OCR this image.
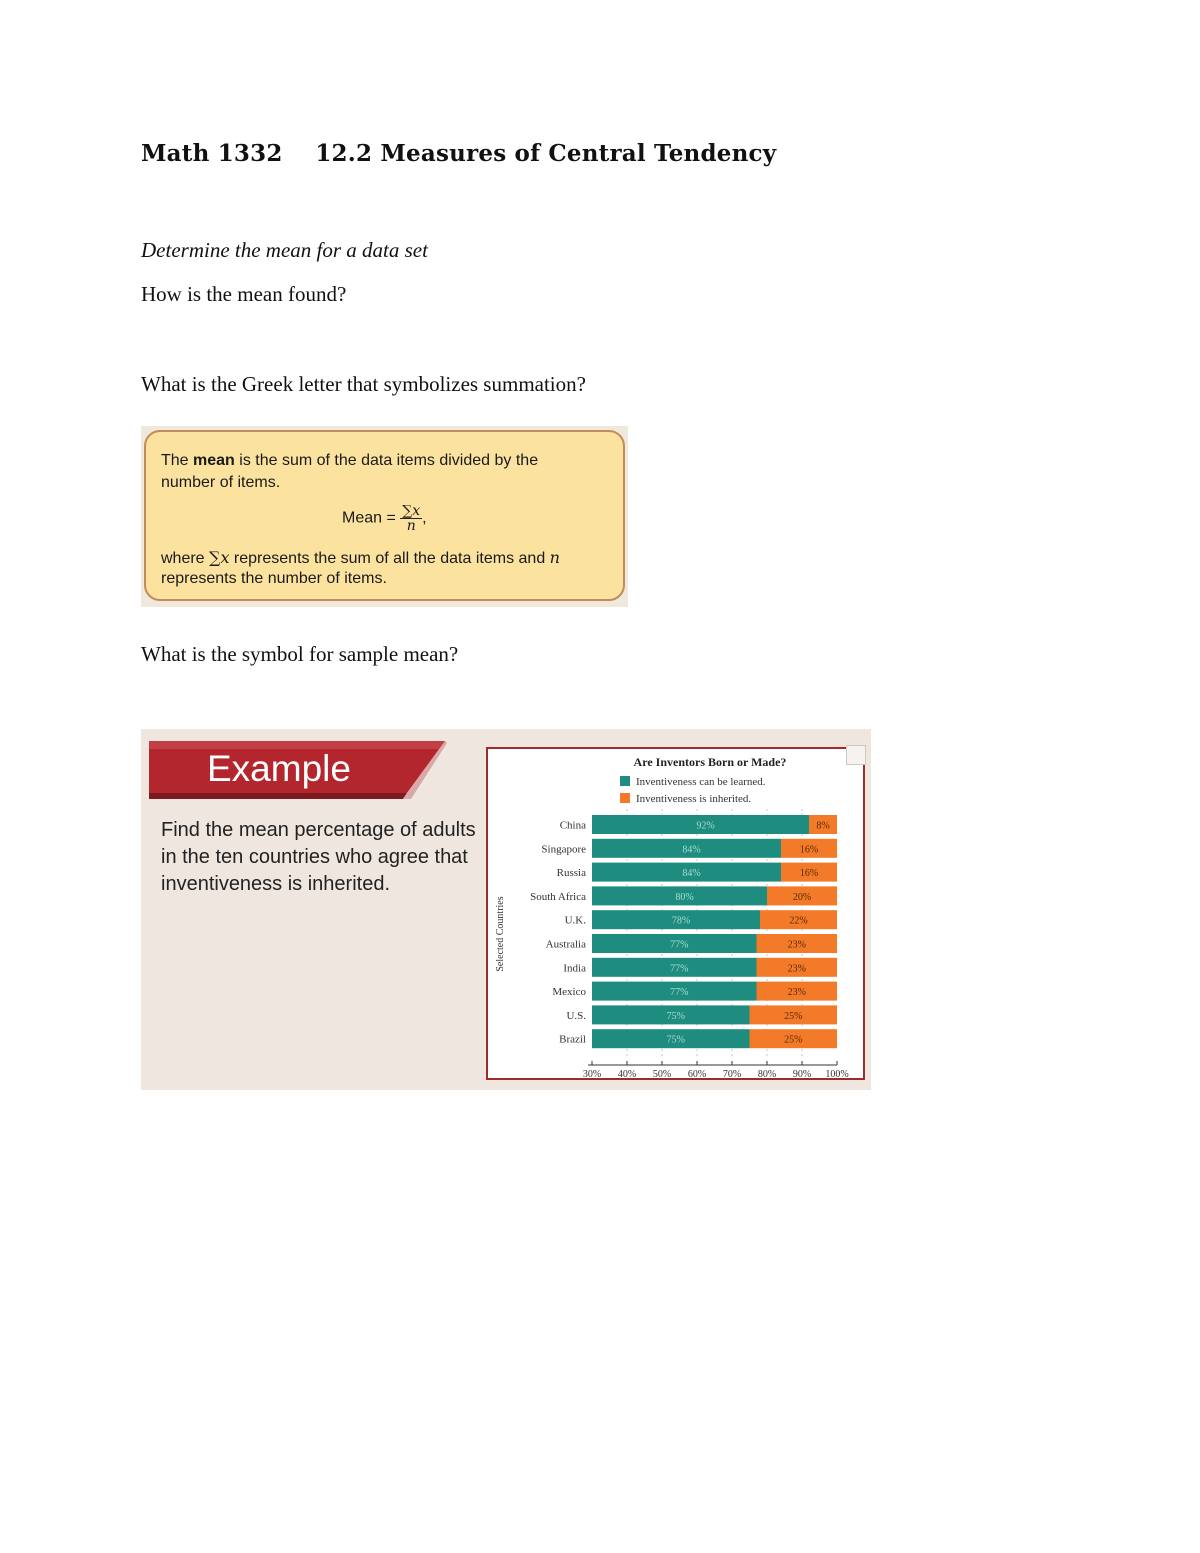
Math 1332    12.2 Measures of Central Tendency

Determine the mean for a data set

How is the mean found?

What is the Greek letter that symbolizes summation?

The mean is the sum of the data items divided by the

number of items.

Mean = $\frac{\sum x}{n}$ ,

where ∑x represents the sum of all the data items and n

represents the number of items.

What is the symbol for sample mean?

Example

Find the mean percentage of adults in the ten countries who agree that inventiveness is inherited.

Are Inventors Born or Made?
Inventiveness can be learned.
Inventiveness is inherited.
Selected Countries
China	92%	8%
Singapore	84%	16%
Russia	84%	16%
South Africa	80%	20%
U.K.	78%	22%
Australia	77%	23%
India	77%	23%
Mexico	77%	23%
U.S.	75%	25%
Brazil	75%	25%
30% 40% 50% 60% 70% 80% 90% 100%
